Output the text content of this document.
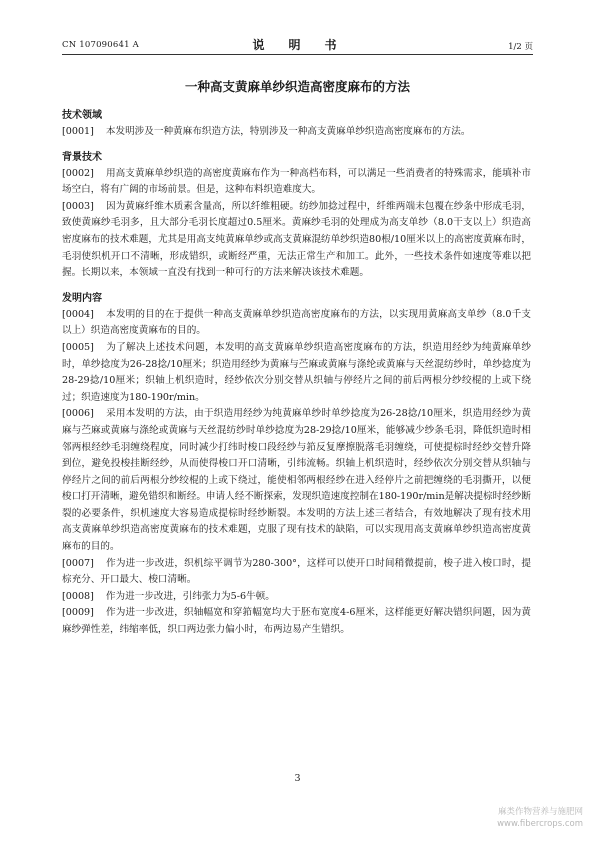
CN 107090641 A	说　明　书	1/2 页
一种高支黄麻单纱织造高密度麻布的方法
技术领域

[0001] 本发明涉及一种黄麻布织造方法，特别涉及一种高支黄麻单纱织造高密度麻布的方法。

背景技术

[0002] 用高支黄麻单纱织造的高密度黄麻布作为一种高档布料，可以满足一些消费者的特殊需求，能填补市场空白，将有广阔的市场前景。但是，这种布料织造难度大。

[0003] 因为黄麻纤维木质素含量高，所以纤维粗硬。纺纱加捻过程中，纤维两端未包覆在纱条中形成毛羽，致使黄麻纱毛羽多，且大部分毛羽长度超过0.5厘米。黄麻纱毛羽的处理成为高支单纱（8.0干支以上）织造高密度麻布的技术难题，尤其是用高支纯黄麻单纱或高支黄麻混纺单纱织造80根/10厘米以上的高密度黄麻布时，毛羽使织机开口不清晰，形成错织，或断经严重，无法正常生产和加工。此外，一些技术条件如速度等难以把握。长期以来，本领域一直没有找到一种可行的方法来解决该技术难题。

发明内容

[0004] 本发明的目的在于提供一种高支黄麻单纱织造高密度麻布的方法，以实现用黄麻高支单纱（8.0千支以上）织造高密度黄麻布的目的。

[0005] 为了解决上述技术问题，本发明的高支黄麻单纱织造高密度麻布的方法，织造用经纱为纯黄麻单纱时，单纱捻度为26-28捻/10厘米；织造用经纱为黄麻与苎麻或黄麻与涤纶或黄麻与天丝混纺纱时，单纱捻度为28-29捻/10厘米；织轴上机织造时，经纱依次分别交替从织轴与停经片之间的前后两根分纱绞棍的上或下绕过；织造速度为180-190r/min。

[0006] 采用本发明的方法，由于织造用经纱为纯黄麻单纱时单纱捻度为26-28捻/10厘米，织造用经纱为黄麻与苎麻或黄麻与涤纶或黄麻与天丝混纺纱时单纱捻度为28-29捻/10厘米，能够减少纱条毛羽，降低织造时相邻两根经纱毛羽缠绕程度，同时减少打纬时梭口段经纱与筘反复摩擦脱落毛羽缠绕，可使提棕时经纱交替升降到位，避免投梭挂断经纱，从而使得梭口开口清晰，引纬流畅。织轴上机织造时，经纱依次分别交替从织轴与停经片之间的前后两根分纱绞棍的上或下绕过，能使相邻两根经纱在进入经停片之前把缠绕的毛羽撕开，以便梭口打开清晰，避免错织和断经。申请人经不断探索，发现织造速度控制在180-190r/min是解决提棕时经纱断裂的必要条件，织机速度大容易造成提棕时经纱断裂。本发明的方法上述三者结合，有效地解决了现有技术用高支黄麻单纱织造高密度黄麻布的技术难题，克服了现有技术的缺陷，可以实现用高支黄麻单纱织造高密度黄麻布的目的。

[0007] 作为进一步改进，织机综平调节为280-300°，这样可以使开口时间稍微提前，梭子进入梭口时，提棕充分、开口最大、梭口清晰。

[0008] 作为进一步改进，引纬张力为5-6牛顿。

[0009] 作为进一步改进，织轴幅宽和穿筘幅宽均大于胚布宽度4-6厘米，这样能更好解决错织问题，因为黄麻纱弹性差，纬缩率低，织口两边张力偏小时，布两边易产生错织。

3
麻类作物营养与施肥网
www.fibercrops.com
